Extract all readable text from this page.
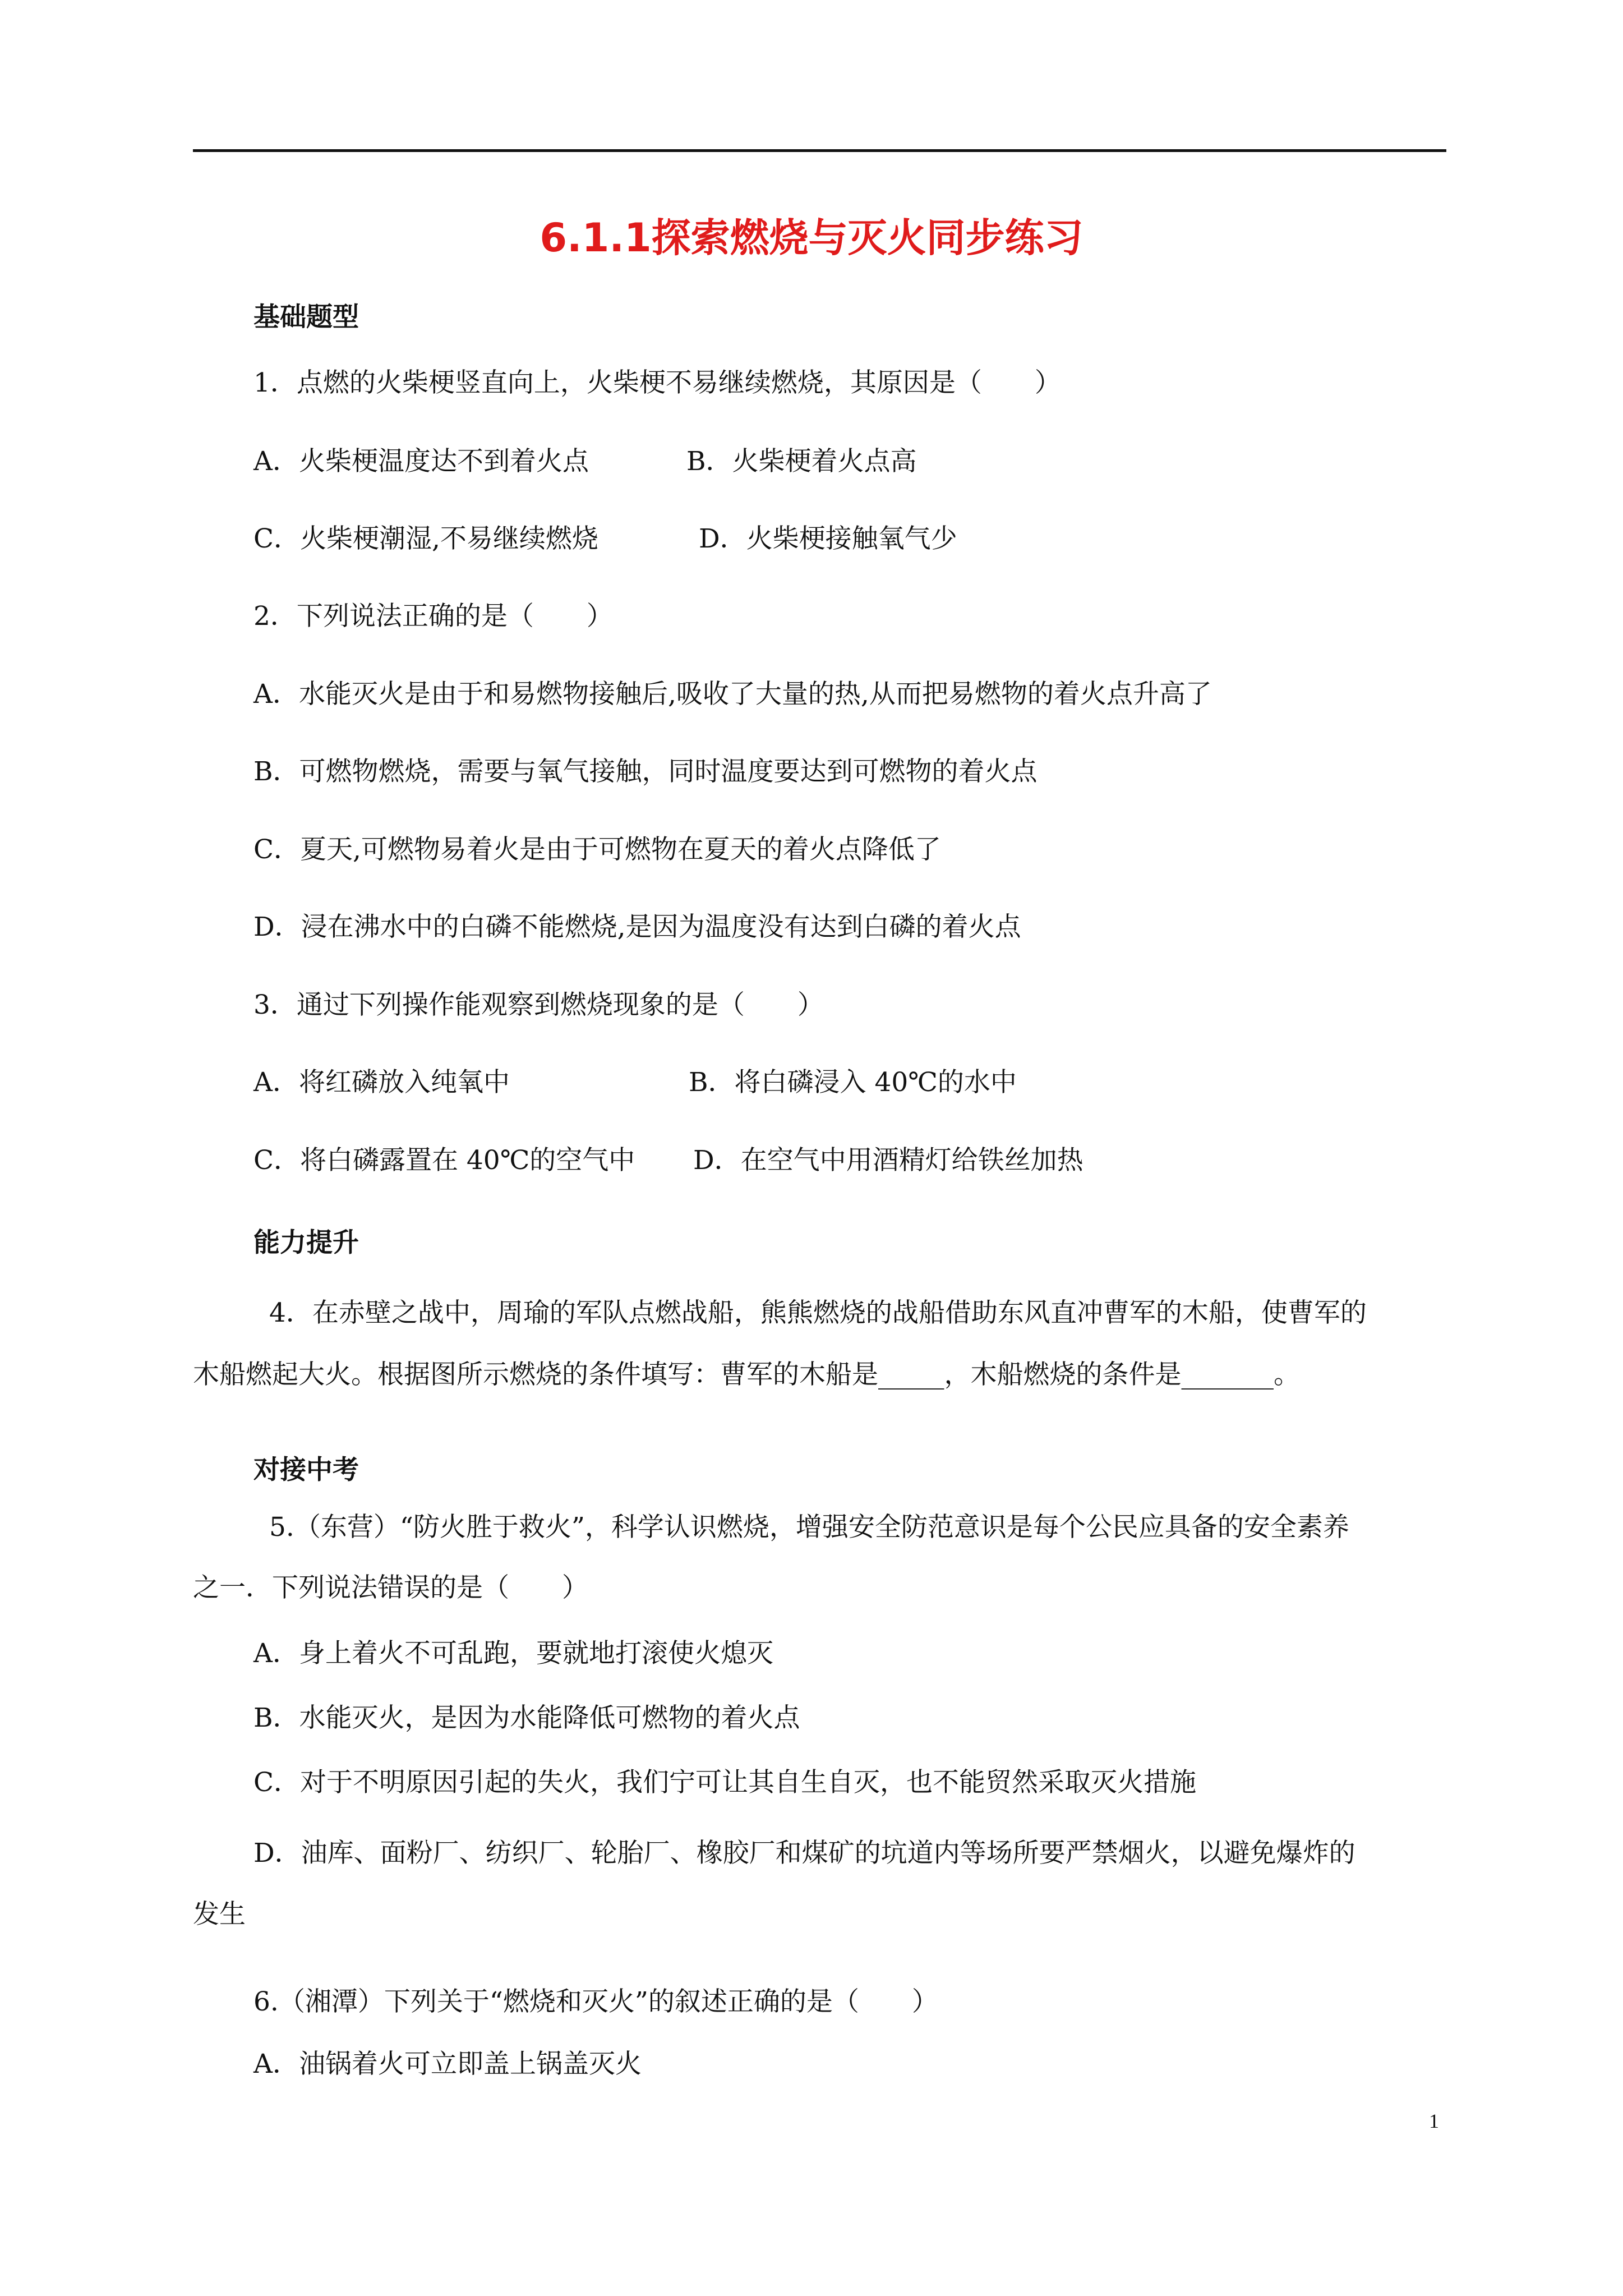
6.1.1探索燃烧与灭火同步练习
基础题型
1．点燃的火柴梗竖直向上，火柴梗不易继续燃烧，其原因是（　　）
A．火柴梗温度达不到着火点	B．火柴梗着火点高
C．火柴梗潮湿,不易继续燃烧	D．火柴梗接触氧气少
2．下列说法正确的是（　　）
A．水能灭火是由于和易燃物接触后,吸收了大量的热,从而把易燃物的着火点升高了
B．可燃物燃烧，需要与氧气接触，同时温度要达到可燃物的着火点
C．夏天,可燃物易着火是由于可燃物在夏天的着火点降低了
D．浸在沸水中的白磷不能燃烧,是因为温度没有达到白磷的着火点
3．通过下列操作能观察到燃烧现象的是（　　）
A．将红磷放入纯氧中	B．将白磷浸入 40℃的水中
C．将白磷露置在 40℃的空气中 D．在空气中用酒精灯给铁丝加热
能力提升
4．在赤壁之战中，周瑜的军队点燃战船，熊熊燃烧的战船借助东风直冲曹军的木船，使曹军的
木船燃起大火。根据图所示燃烧的条件填写：曹军的木船是_____，木船燃烧的条件是_______。
对接中考
5.（东营）“防火胜于救火”，科学认识燃烧，增强安全防范意识是每个公民应具备的安全素养
之一．下列说法错误的是（　　）
A．身上着火不可乱跑，要就地打滚使火熄灭
B．水能灭火，是因为水能降低可燃物的着火点
C．对于不明原因引起的失火，我们宁可让其自生自灭，也不能贸然采取灭火措施
D．油库、面粉厂、纺织厂、轮胎厂、橡胶厂和煤矿的坑道内等场所要严禁烟火，以避免爆炸的
发生
6.（湘潭）下列关于“燃烧和灭火”的叙述正确的是（　　）
A．油锅着火可立即盖上锅盖灭火
1
